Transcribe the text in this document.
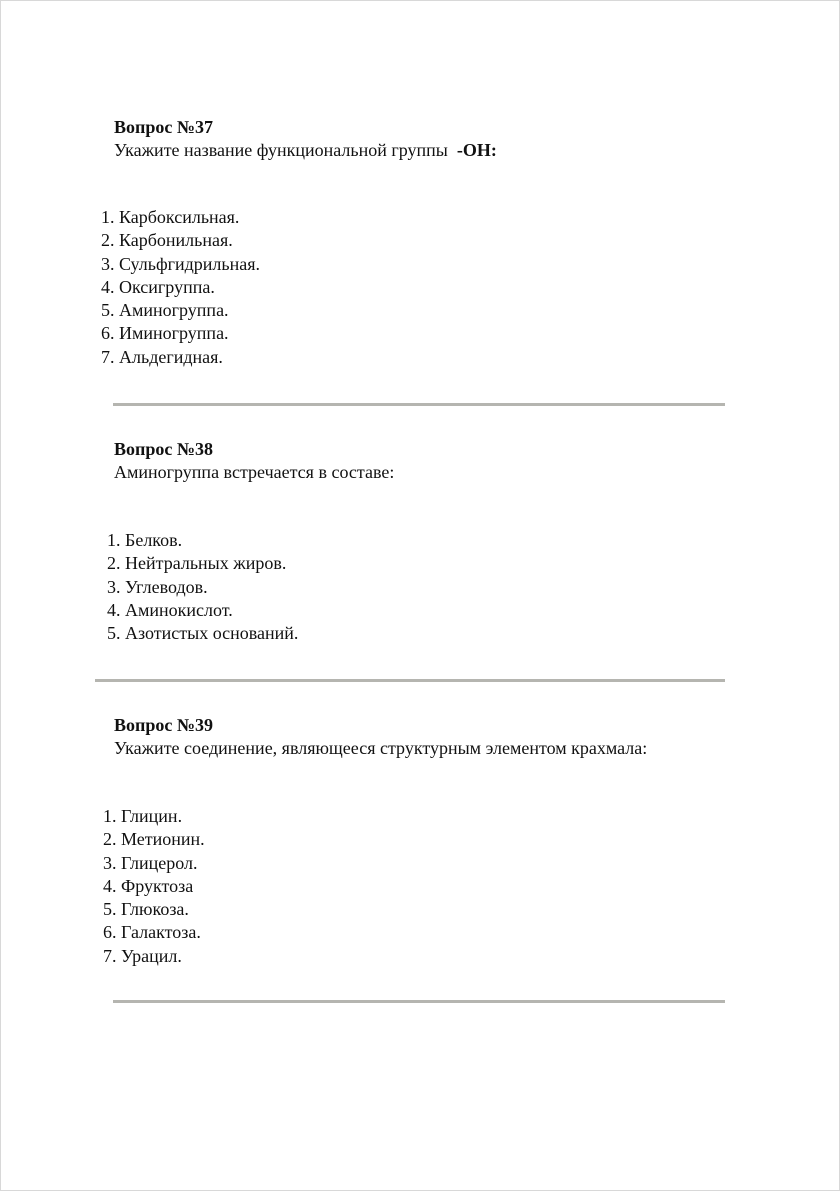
Вопрос №37
Укажите название функциональной группы -OH:
1. Карбоксильная.
2. Карбонильная.
3. Сульфгидрильная.
4. Оксигруппа.
5. Аминогруппа.
6. Иминогруппа.
7. Альдегидная.
Вопрос №38
Аминогруппа встречается в составе:
1. Белков.
2. Нейтральных жиров.
3. Углеводов.
4. Аминокислот.
5. Азотистых оснований.
Вопрос №39
Укажите соединение, являющееся структурным элементом крахмала:
1. Глицин.
2. Метионин.
3. Глицерол.
4. Фруктоза
5. Глюкоза.
6. Галактоза.
7. Урацил.
